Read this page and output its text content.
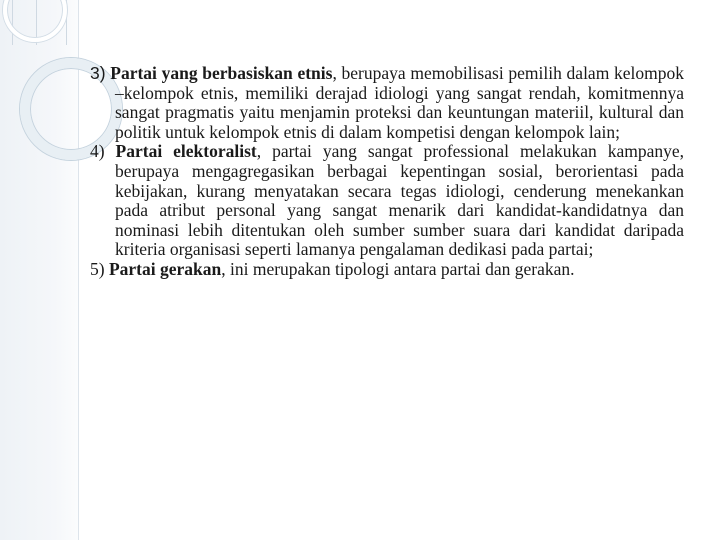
3) Partai yang berbasiskan etnis, berupaya memobilisasi pemilih dalam kelompok –kelompok etnis, memiliki derajad idiologi yang sangat rendah, komitmennya sangat pragmatis yaitu menjamin proteksi dan keuntungan materiil, kultural dan politik untuk kelompok etnis di dalam kompetisi dengan kelompok lain;

4) Partai elektoralist, partai yang sangat professional melakukan kampanye, berupaya mengagregasikan berbagai kepentingan sosial, berorientasi pada kebijakan, kurang menyatakan secara tegas idiologi, cenderung menekankan pada atribut personal yang sangat menarik dari kandidat-kandidatnya dan nominasi lebih ditentukan oleh sumber sumber suara dari kandidat daripada kriteria organisasi seperti lamanya pengalaman dedikasi pada partai;

5) Partai gerakan, ini merupakan tipologi antara partai dan gerakan.
